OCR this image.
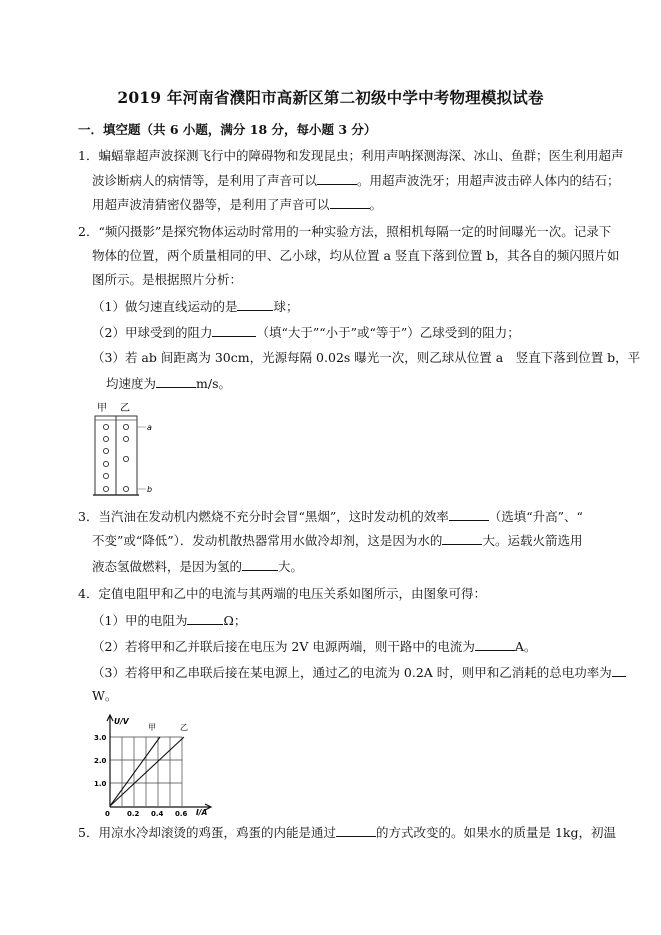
2019 年河南省濮阳市高新区第二初级中学中考物理模拟试卷
一．填空题（共 6 小题，满分 18 分，每小题 3 分）
1．蝙蝠靠超声波探测飞行中的障碍物和发现昆虫；利用声呐探测海深、冰山、鱼群；医生利用超声
波诊断病人的病情等，是利用了声音可以	。用超声波洗牙；用超声波击碎人体内的结石；
用超声波清猜密仪器等，是利用了声音可以	。
2．“频闪摄影”是探究物体运动时常用的一种实验方法，照相机每隔一定的时间曝光一次。记录下
物体的位置，两个质量相同的甲、乙小球，均从位置 a 竖直下落到位置 b，其各自的频闪照片如
图所示。是根据照片分析：
（1）做匀速直线运动的是	球；
（2）甲球受到的阻力	（填“大于”“小于”或“等于”）乙球受到的阻力；
（3）若 ab 间距离为 30cm，光源每隔 0.02s 曝光一次，则乙球从位置 a　竖直下落到位置 b，平
均速度为	m/s。
甲 乙
a
b
3．当汽油在发动机内燃烧不充分时会冒“黑烟”，这时发动机的效率	（选填“升高”、“
不变”或“降低”）．发动机散热器常用水做冷却剂，这是因为水的	大。运载火箭选用
液态氢做燃料，是因为氢的	大。
4．定值电阻甲和乙中的电流与其两端的电压关系如图所示，由图象可得：
（1）甲的电阻为	Ω；
（2）若将甲和乙并联后接在电压为 2V 电源两端，则干路中的电流为	A。
（3）若将甲和乙串联后接在某电源上，通过乙的电流为 0.2A 时，则甲和乙消耗的总电功率为
W。
U/V
I/A
甲	乙
3.0
2.0
1.0
0 0.2 0.4 0.6
5．用凉水冷却滚烫的鸡蛋，鸡蛋的内能是通过	的方式改变的。如果水的质量是 1kg，初温
